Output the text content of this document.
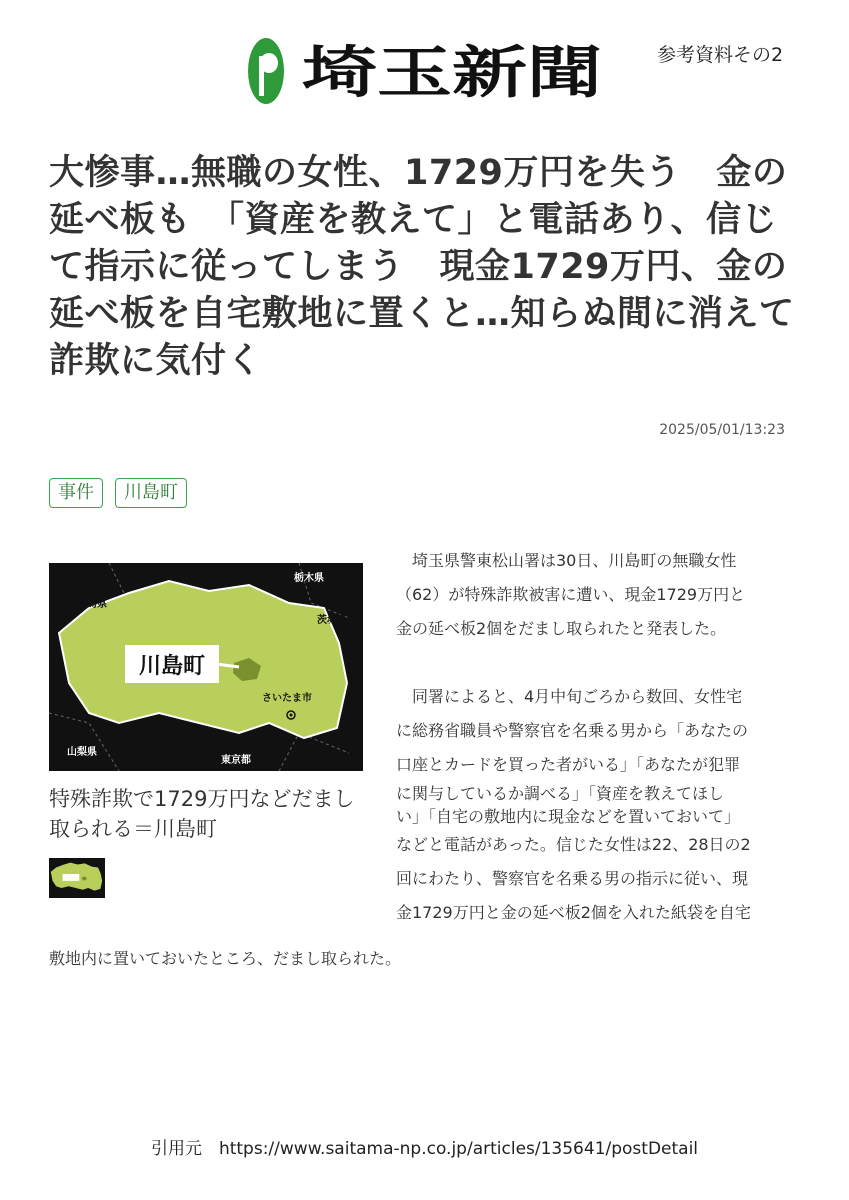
埼玉新聞	参考資料その2
大惨事…無職の女性、1729万円を失う　金の延べ板も　「資産を教えて」と電話あり、信じて指示に従ってしまう　現金1729万円、金の延べ板を自宅敷地に置くと…知らぬ間に消えて詐欺に気付く
2025/05/01/13:23
事件	川島町
川島町
群馬県
栃木県
茨城県
山梨県
東京都
さいたま市
特殊詐欺で1729万円などだまし取られる＝川島町

　埼玉県警東松山署は30日、川島町の無職女性
（62）が特殊詐欺被害に遭い、現金1729万円と
金の延べ板2個をだまし取られたと発表した。

　同署によると、4月中旬ごろから数回、女性宅
に総務省職員や警察官を名乗る男から「あなたの
口座とカードを買った者がいる」「あなたが犯罪
に関与しているか調べる」「資産を教えてほし
い」「自宅の敷地内に現金などを置いておいて」
などと電話があった。信じた女性は22、28日の2
回にわたり、警察官を名乗る男の指示に従い、現
金1729万円と金の延べ板2個を入れた紙袋を自宅

敷地内に置いておいたところ、だまし取られた。
引用元　https://www.saitama-np.co.jp/articles/135641/postDetail
